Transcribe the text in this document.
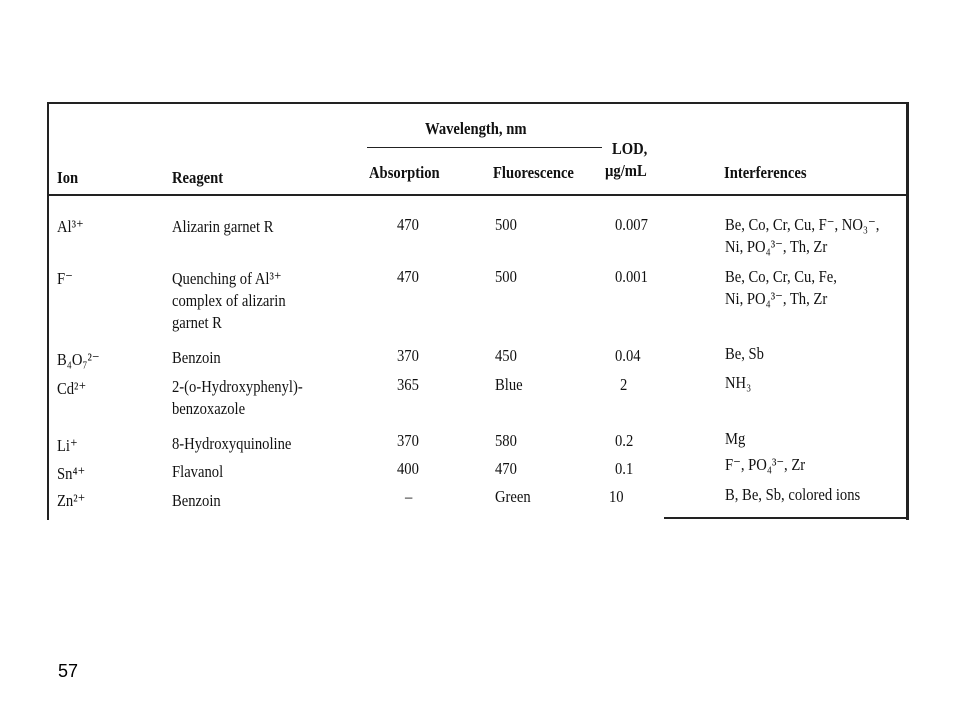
Wavelength, nm
LOD,
µg/mL
Ion	Reagent	Absorption	Fluorescence	Interferences
Al³⁺	Alizarin garnet R	470	500	0.007	Be, Co, Cr, Cu, F⁻, NO₃⁻,
Ni, PO₄³⁻, Th, Zr
F⁻	Quenching of Al³⁺
complex of alizarin
garnet R
470	500	0.001	Be, Co, Cr, Cu, Fe,
Ni, PO₄³⁻, Th, Zr
B₄O₇²⁻	Benzoin	370	450	0.04	Be, Sb
Cd²⁺	2-(o-Hydroxyphenyl)-
benzoxazole
365	Blue	2	NH₃
Li⁺	8-Hydroxyquinoline	370	580	0.2	Mg
Sn⁴⁺	Flavanol	400	470	0.1	F⁻, PO₄³⁻, Zr
Zn²⁺	Benzoin	–	Green	10	B, Be, Sb, colored ions
57
